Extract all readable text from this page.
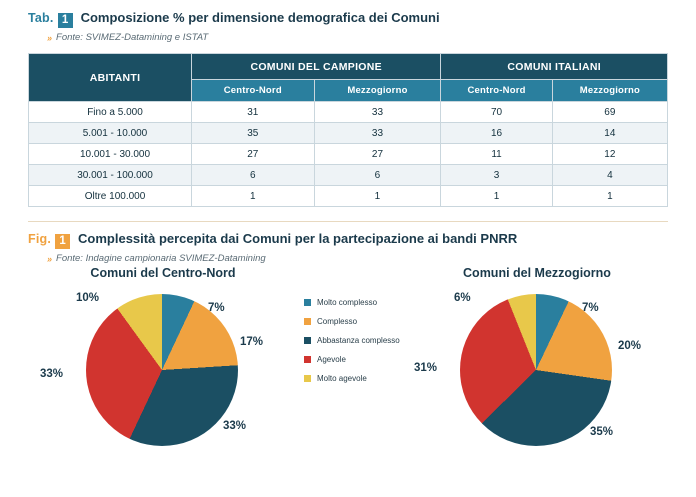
Tab. 1 Composizione % per dimensione demografica dei Comuni
» Fonte: SVIMEZ-Datamining e ISTAT
ABITANTI	COMUNI DEL CAMPIONE		COMUNI ITALIANI	
	Centro-Nord	Mezzogiorno	Centro-Nord	Mezzogiorno
Fino a 5.000	31	33	70	69
5.001 - 10.000	35	33	16	14
10.001 - 30.000	27	27	11	12
30.001 - 100.000	6	6	3	4
Oltre 100.000	1	1	1	1
Fig. 1 Complessità percepita dai Comuni per la partecipazione ai bandi PNRR
» Fonte: Indagine campionaria SVIMEZ-Datamining
Comuni del Centro-Nord
7%
17%
33%
33%
10%	Molto complesso
Complesso
Abbastanza complesso
Agevole
Molto agevole
Comuni del Mezzogiorno
7%
20%
35%
31%
6%
